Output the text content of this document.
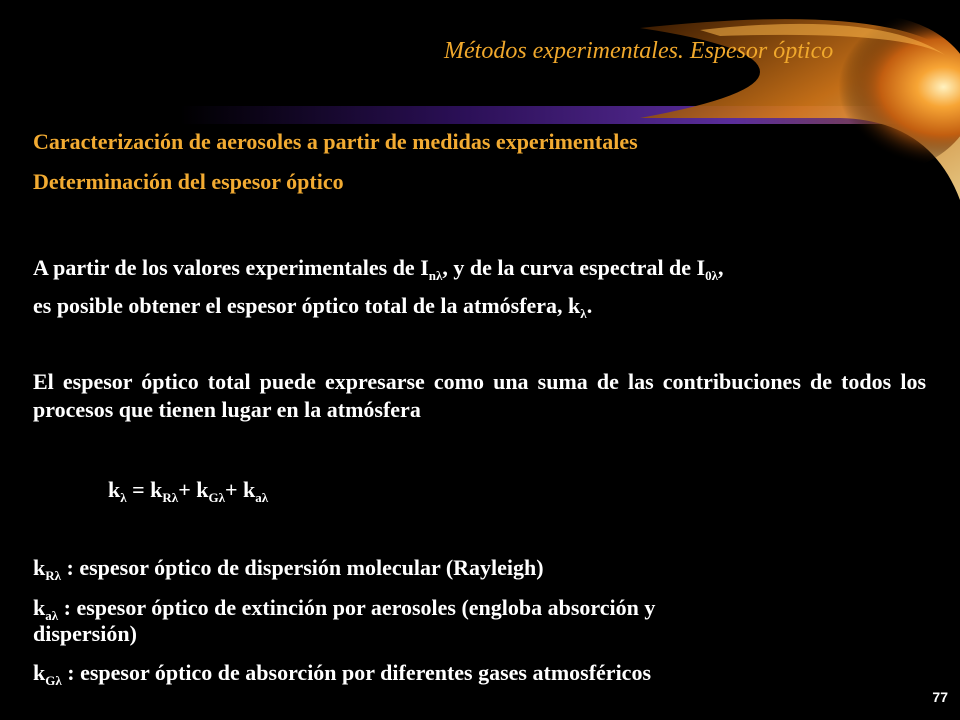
Métodos experimentales. Espesor óptico
Caracterización de aerosoles a partir de medidas experimentales
Determinación del espesor óptico
A partir de los valores experimentales de $I_{n\lambda}$, y de la curva espectral de $I_{0\lambda}$,
es posible obtener el espesor óptico total de la atmósfera, $k_\lambda$.
El espesor óptico total puede expresarse como una suma de las contribuciones de todos los procesos que tienen lugar en la atmósfera
$k_\lambda = k_{R\lambda}+ k_{G\lambda}+ k_{a\lambda}$
$k_{R\lambda}$ : espesor óptico de dispersión molecular (Rayleigh)
$k_{a\lambda}$ : espesor óptico de extinción por aerosoles (engloba absorción y
dispersión)
$k_{G\lambda}$ : espesor óptico de absorción por diferentes gases atmosféricos
77
